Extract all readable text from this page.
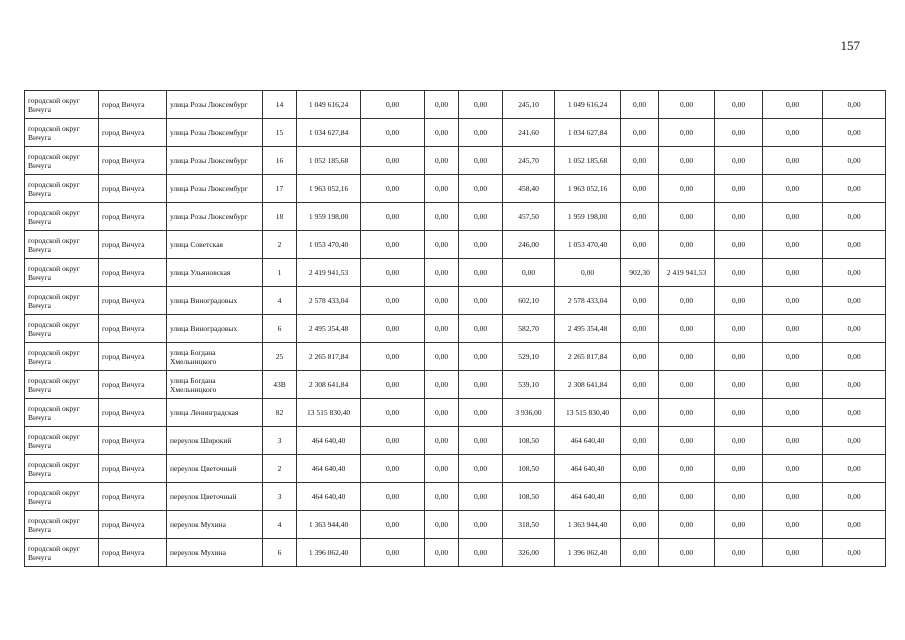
157
городской округ Вичуга	город Вичуга	улица Розы Люксембург	14	1 049 616,24	0,00	0,00	0,00	245,10	1 049 616,24	0,00	0,00	0,00	0,00	0,00
городской округ Вичуга	город Вичуга	улица Розы Люксембург	15	1 034 627,84	0,00	0,00	0,00	241,60	1 034 627,84	0,00	0,00	0,00	0,00	0,00
городской округ Вичуга	город Вичуга	улица Розы Люксембург	16	1 052 185,68	0,00	0,00	0,00	245,70	1 052 185,68	0,00	0,00	0,00	0,00	0,00
городской округ Вичуга	город Вичуга	улица Розы Люксембург	17	1 963 052,16	0,00	0,00	0,00	458,40	1 963 052,16	0,00	0,00	0,00	0,00	0,00
городской округ Вичуга	город Вичуга	улица Розы Люксембург	18	1 959 198,00	0,00	0,00	0,00	457,50	1 959 198,00	0,00	0,00	0,00	0,00	0,00
городской округ Вичуга	город Вичуга	улица Советская	2	1 053 470,40	0,00	0,00	0,00	246,00	1 053 470,40	0,00	0,00	0,00	0,00	0,00
городской округ Вичуга	город Вичуга	улица Ульяновская	1	2 419 941,53	0,00	0,00	0,00	0,00	0,00	902,30	2 419 941,53	0,00	0,00	0,00
городской округ Вичуга	город Вичуга	улица Виноградовых	4	2 578 433,04	0,00	0,00	0,00	602,10	2 578 433,04	0,00	0,00	0,00	0,00	0,00
городской округ Вичуга	город Вичуга	улица Виноградовых	6	2 495 354,48	0,00	0,00	0,00	582,70	2 495 354,48	0,00	0,00	0,00	0,00	0,00
городской округ Вичуга	город Вичуга	улица Богдана Хмельницкого	25	2 265 817,84	0,00	0,00	0,00	529,10	2 265 817,84	0,00	0,00	0,00	0,00	0,00
городской округ Вичуга	город Вичуга	улица Богдана Хмельницкого	43В	2 308 641,84	0,00	0,00	0,00	539,10	2 308 641,84	0,00	0,00	0,00	0,00	0,00
городской округ Вичуга	город Вичуга	улица Ленинградская	82	13 515 830,40	0,00	0,00	0,00	3 936,00	13 515 830,40	0,00	0,00	0,00	0,00	0,00
городской округ Вичуга	город Вичуга	переулок Широкий	3	464 640,40	0,00	0,00	0,00	108,50	464 640,40	0,00	0,00	0,00	0,00	0,00
городской округ Вичуга	город Вичуга	переулок Цветочный	2	464 640,40	0,00	0,00	0,00	108,50	464 640,40	0,00	0,00	0,00	0,00	0,00
городской округ Вичуга	город Вичуга	переулок Цветочный	3	464 640,40	0,00	0,00	0,00	108,50	464 640,40	0,00	0,00	0,00	0,00	0,00
городской округ Вичуга	город Вичуга	переулок Мухина	4	1 363 944,40	0,00	0,00	0,00	318,50	1 363 944,40	0,00	0,00	0,00	0,00	0,00
городской округ Вичуга	город Вичуга	переулок Мухина	6	1 396 062,40	0,00	0,00	0,00	326,00	1 396 062,40	0,00	0,00	0,00	0,00	0,00
